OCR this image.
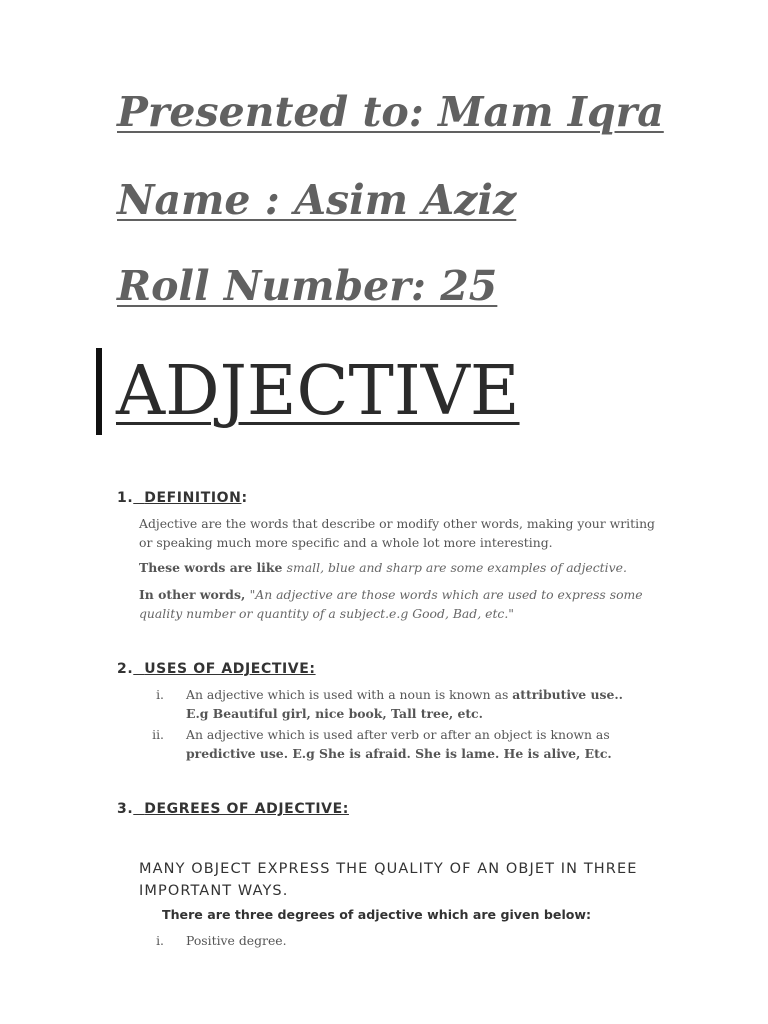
Presented to: Mam Iqra
Name : Asim Aziz
Roll Number: 25
ADJECTIVE
1. DEFINITION:

Adjective are the words that describe or modify other words, making your writing or speaking much more specific and a whole lot more interesting.

These words are like small, blue and sharp are some examples of adjective.

In other words, "An adjective are those words which are used to express some quality number or quantity of a subject.e.g Good, Bad, etc."

2. USES OF ADJECTIVE:
i. An adjective which is used with a noun is known as attributive use.. E.g Beautiful girl, nice book, Tall tree, etc.
ii. An adjective which is used after verb or after an object is known as predictive use. E.g She is afraid. She is lame. He is alive, Etc.
3. DEGREES OF ADJECTIVE:

MANY OBJECT EXPRESS THE QUALITY OF AN OBJET IN THREE IMPORTANT WAYS.

There are three degrees of adjective which are given below:
i. Positive degree.
